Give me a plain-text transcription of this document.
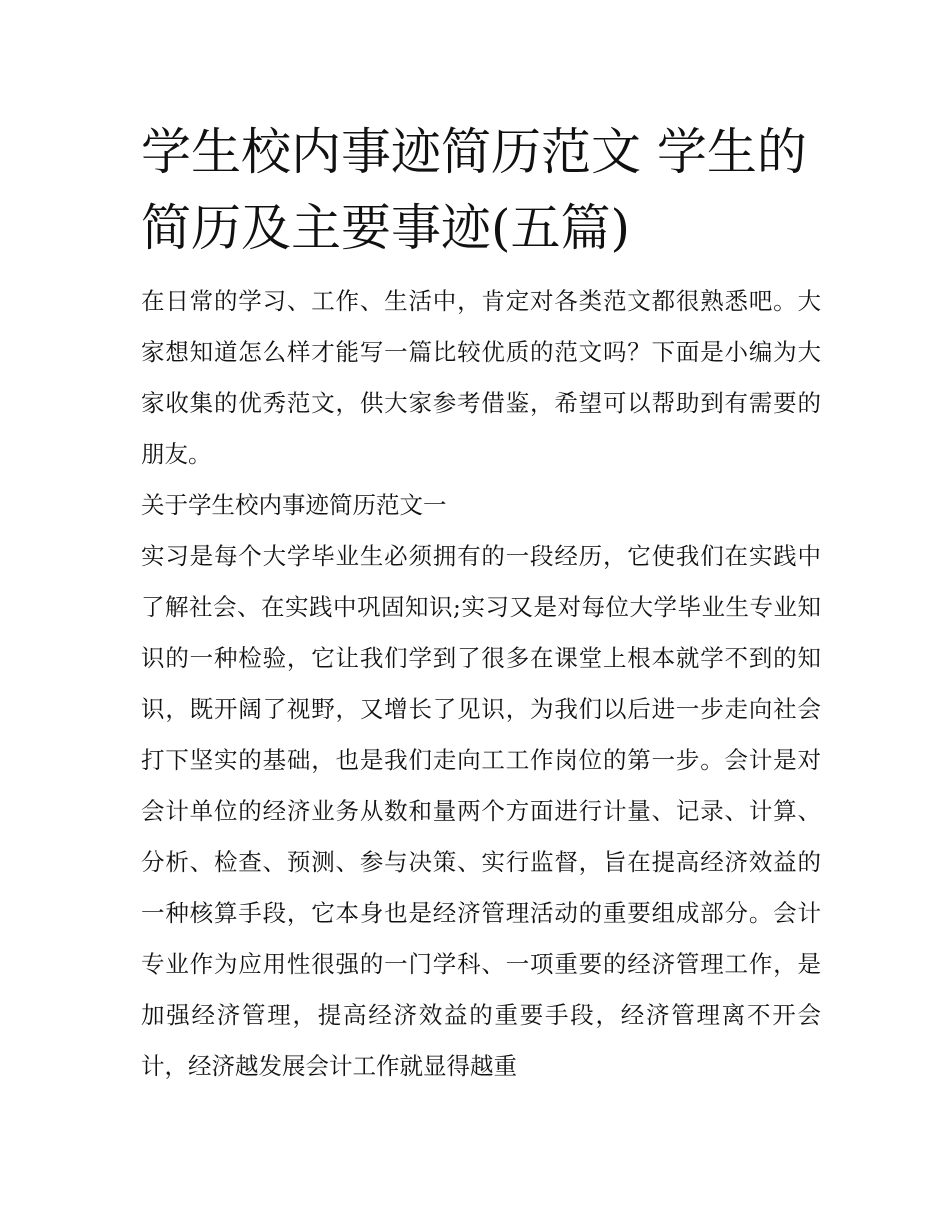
学生校内事迹简历范文 学生的简历及主要事迹(五篇)

在日常的学习、工作、生活中，肯定对各类范文都很熟悉吧。大家想知道怎么样才能写一篇比较优质的范文吗？下面是小编为大家收集的优秀范文，供大家参考借鉴，希望可以帮助到有需要的朋友。

关于学生校内事迹简历范文一

实习是每个大学毕业生必须拥有的一段经历，它使我们在实践中了解社会、在实践中巩固知识;实习又是对每位大学毕业生专业知识的一种检验，它让我们学到了很多在课堂上根本就学不到的知识，既开阔了视野，又增长了见识，为我们以后进一步走向社会打下坚实的基础，也是我们走向工工作岗位的第一步。会计是对会计单位的经济业务从数和量两个方面进行计量、记录、计算、分析、检查、预测、参与决策、实行监督，旨在提高经济效益的一种核算手段，它本身也是经济管理活动的重要组成部分。会计专业作为应用性很强的一门学科、一项重要的经济管理工作，是加强经济管理，提高经济效益的重要手段，经济管理离不开会计，经济越发展会计工作就显得越重
